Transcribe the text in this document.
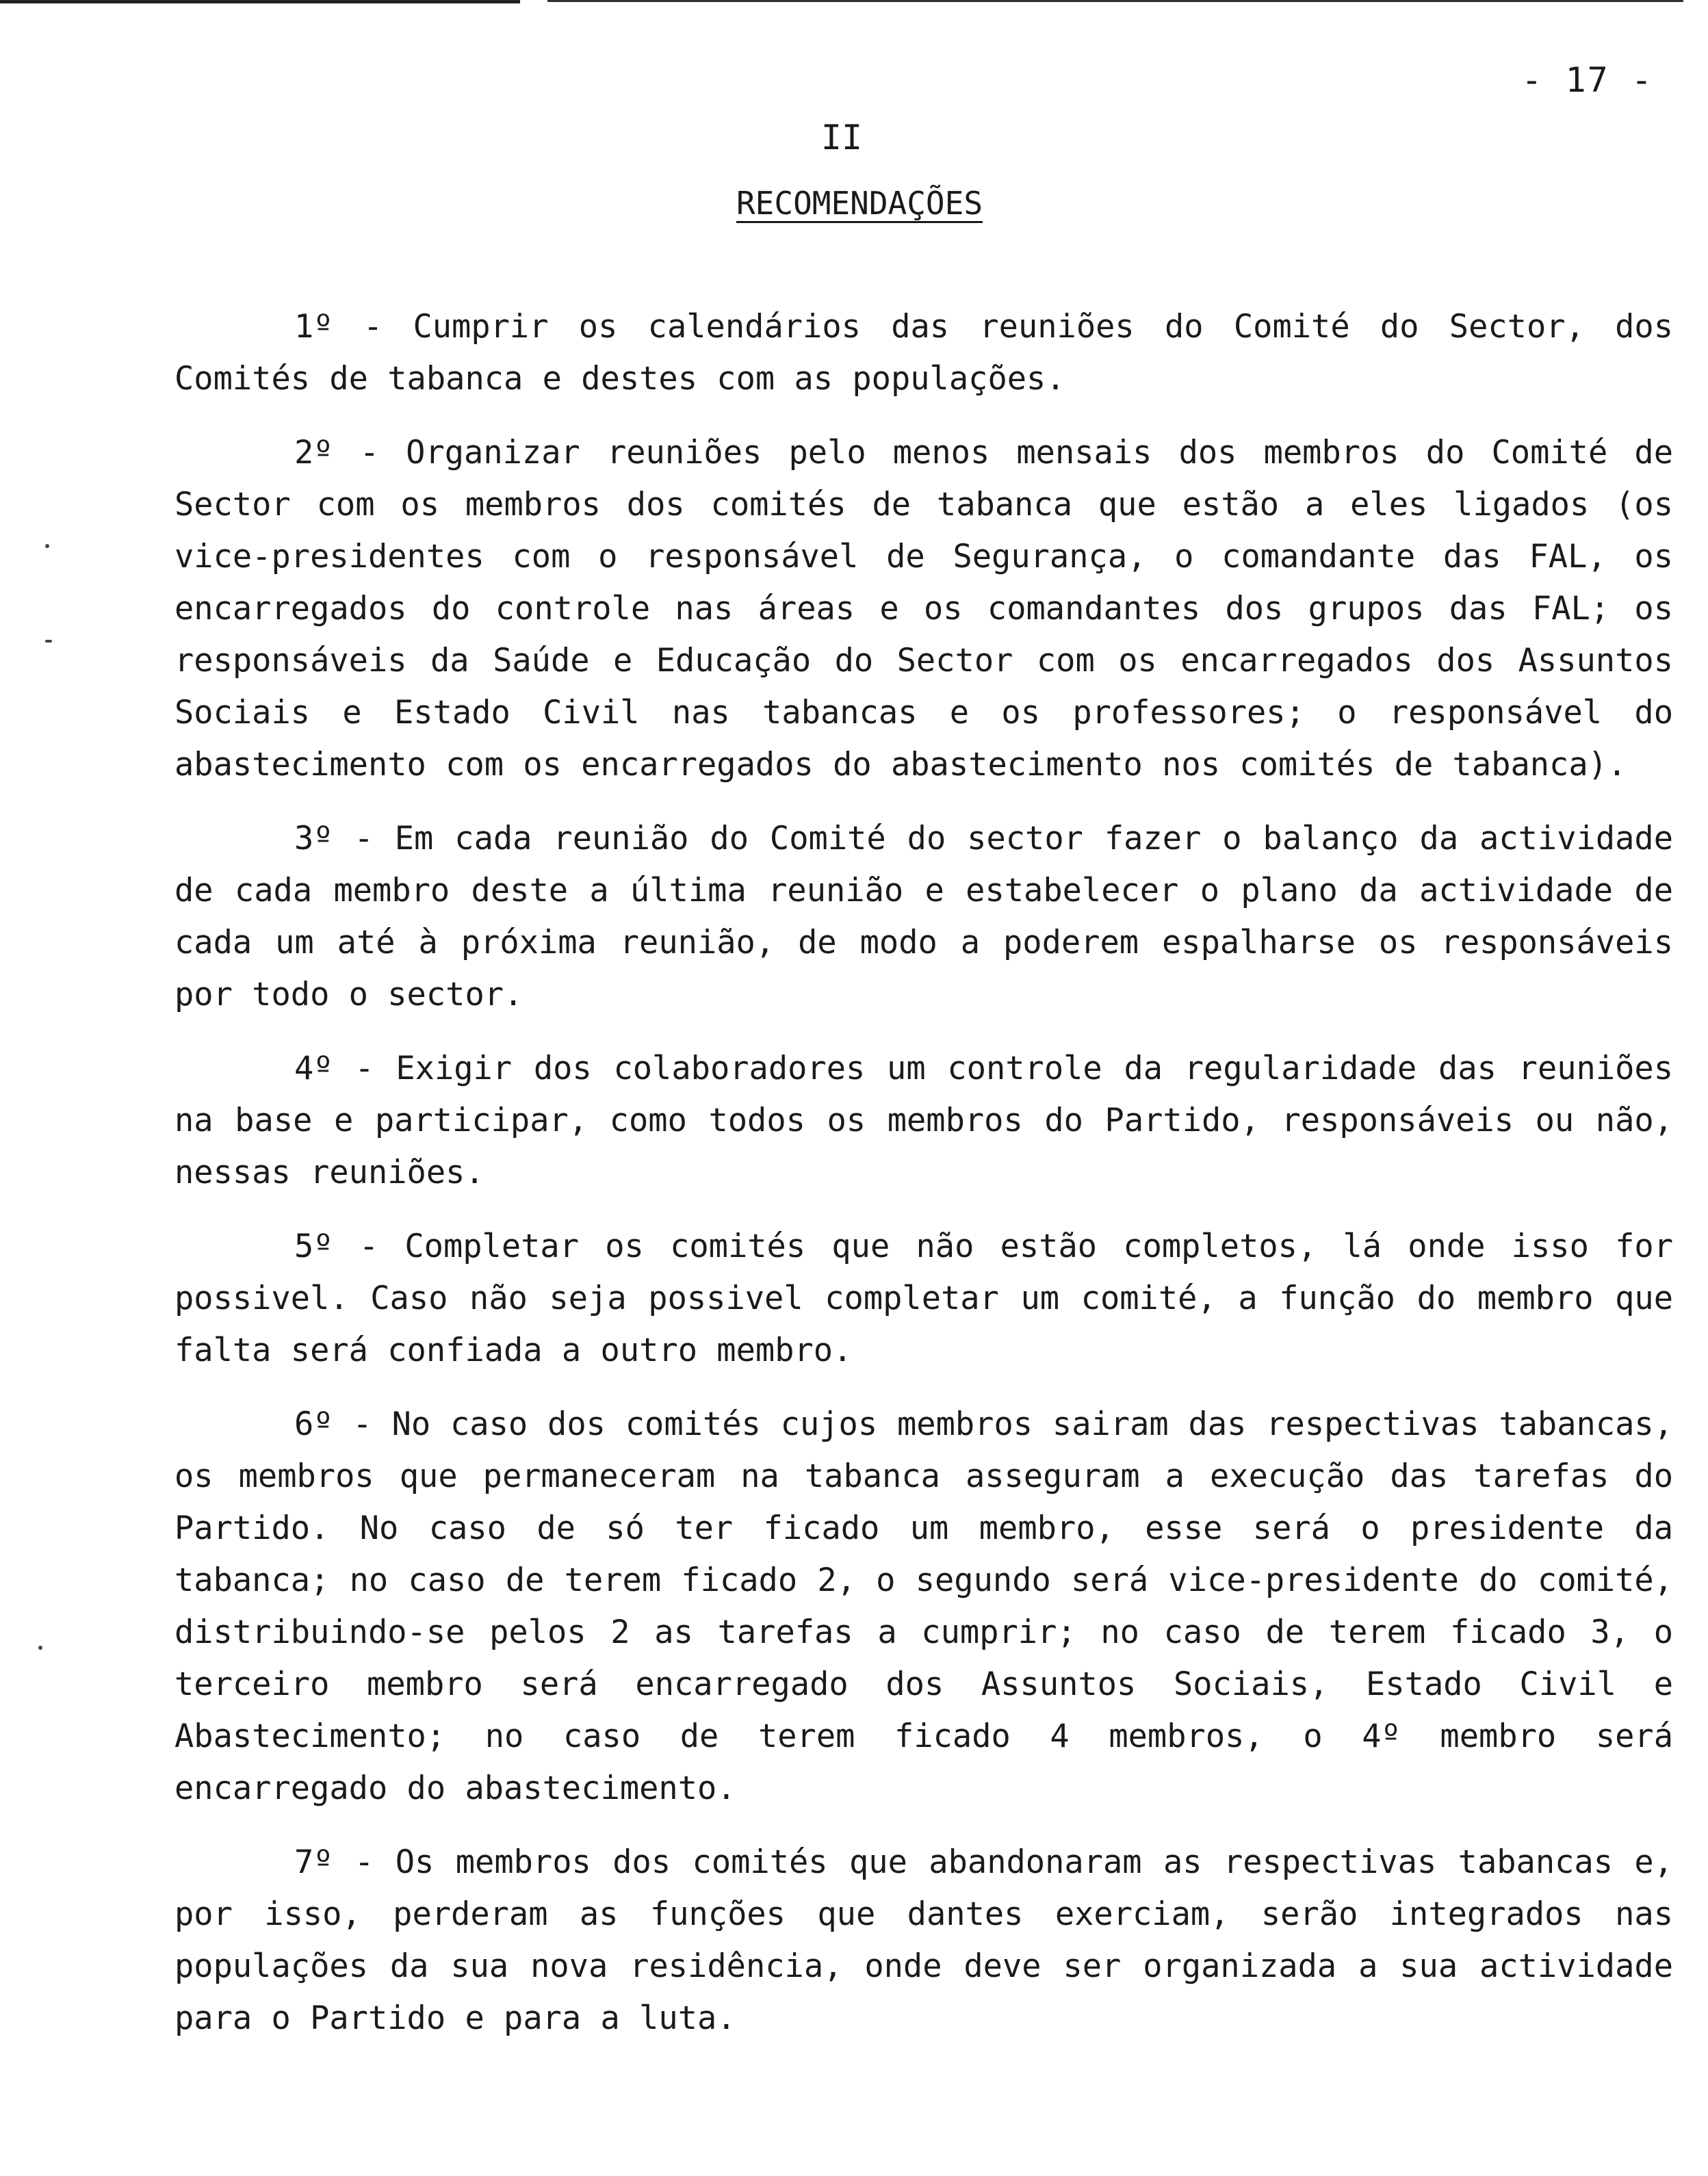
- 17 -
II
RECOMENDAÇÕES

1º - Cumprir os calendários das reuniões do Comité do Sector, dos Comités de tabanca e destes com as populações.

2º - Organizar reuniões pelo menos mensais dos membros do Comité de Sector com os membros dos comités de tabanca que estão a eles ligados (os vice-presidentes com o responsável de Segurança, o comandante das FAL, os encarregados do controle nas áreas e os comandantes dos grupos das FAL; os responsáveis da Saúde e Educação do Sector com os encarregados dos Assuntos Sociais e Estado Civil nas tabancas e os professores; o responsável do abastecimento com os encarregados do abastecimento nos comités de tabanca).

3º - Em cada reunião do Comité do sector fazer o balanço da actividade de cada membro deste a última reunião e estabelecer o plano da actividade de cada um até à próxima reunião, de modo a poderem espalharse os responsáveis por todo o sector.

4º - Exigir dos colaboradores um controle da regularidade das reuniões na base e participar, como todos os membros do Partido, responsáveis ou não, nessas reuniões.

5º - Completar os comités que não estão completos, lá onde isso for possivel. Caso não seja possivel completar um comité, a função do membro que falta será confiada a outro membro.

6º - No caso dos comités cujos membros sairam das respectivas tabancas, os membros que permaneceram na tabanca asseguram a execução das tarefas do Partido. No caso de só ter ficado um membro, esse será o presidente da tabanca; no caso de terem ficado 2, o segundo será vice-presidente do comité, distribuindo-se pelos 2 as tarefas a cumprir; no caso de terem ficado 3, o terceiro membro será encarregado dos Assuntos Sociais, Estado Civil e Abastecimento; no caso de terem ficado 4 membros, o 4º membro será encarregado do abastecimento.

7º - Os membros dos comités que abandonaram as respectivas tabancas e, por isso, perderam as funções que dantes exerciam, serão integrados nas populações da sua nova residência, onde deve ser organizada a sua actividade para o Partido e para a luta.
